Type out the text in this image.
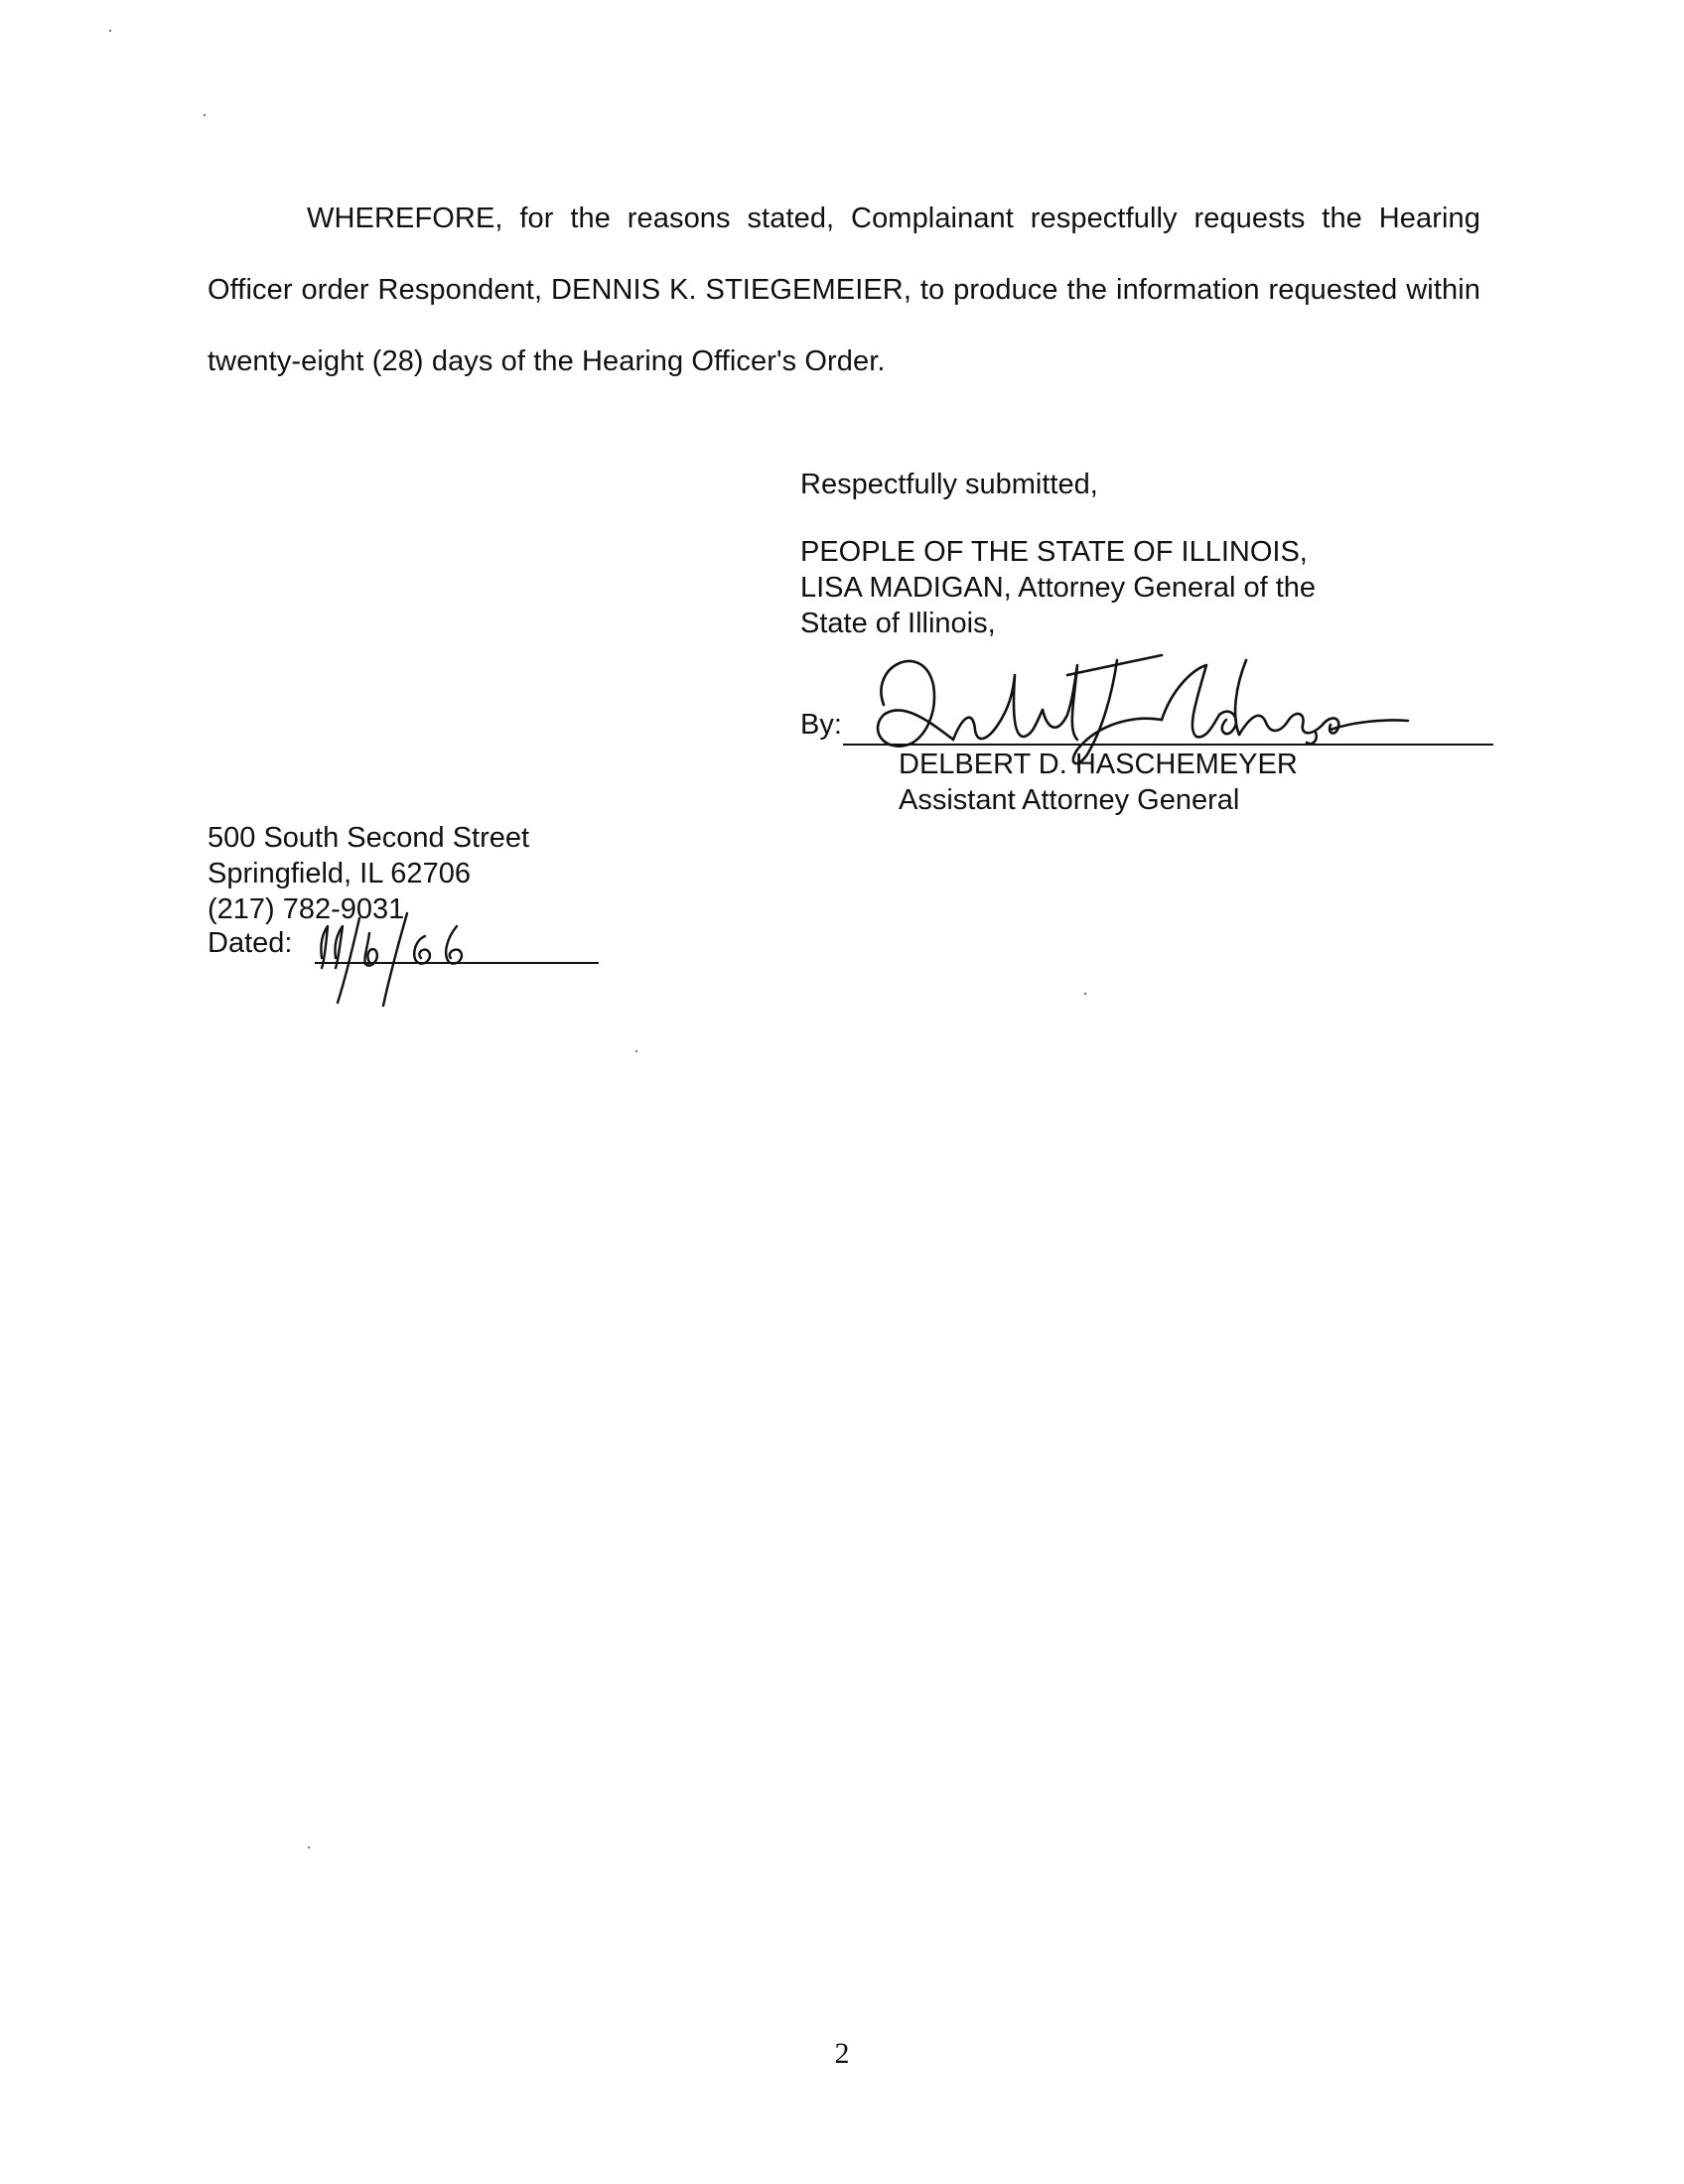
WHEREFORE, for the reasons stated, Complainant respectfully requests the Hearing
Officer order Respondent, DENNIS K. STIEGEMEIER, to produce the information requested within
twenty-eight (28) days of the Hearing Officer's Order.
Respectfully submitted,
PEOPLE OF THE STATE OF ILLINOIS,
LISA MADIGAN, Attorney General of the
State of Illinois,
By:
DELBERT D. HASCHEMEYER
Assistant Attorney General
500 South Second Street
Springfield, IL 62706
(217) 782-9031
Dated:
2
